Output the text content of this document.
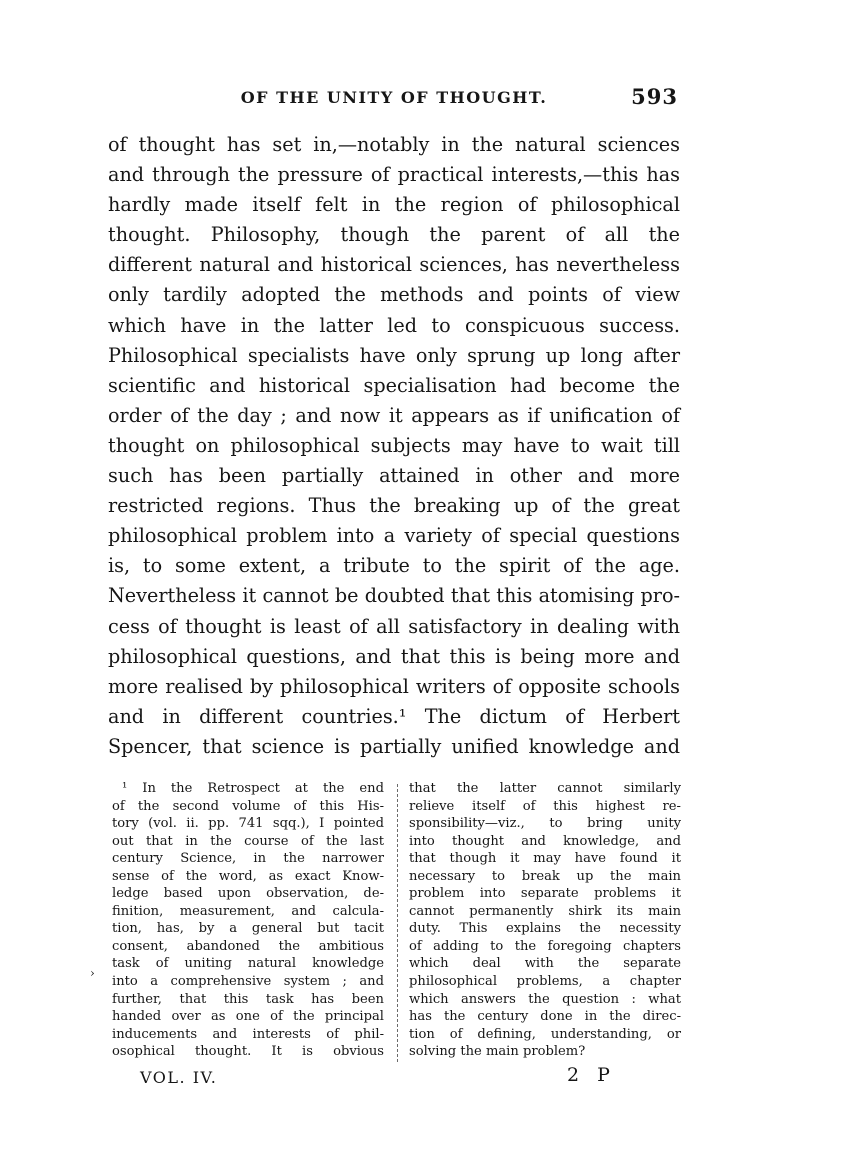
OF THE UNITY OF THOUGHT.	593
of thought has set in,—notably in the natural sciences
and through the pressure of practical interests,—this has
hardly made itself felt in the region of philosophical
thought. Philosophy, though the parent of all the
different natural and historical sciences, has nevertheless
only tardily adopted the methods and points of view
which have in the latter led to conspicuous success.
Philosophical specialists have only sprung up long after
scientific and historical specialisation had become the
order of the day ; and now it appears as if unification of
thought on philosophical subjects may have to wait till
such has been partially attained in other and more
restricted regions. Thus the breaking up of the great
philosophical problem into a variety of special questions
is, to some extent, a tribute to the spirit of the age.
Nevertheless it cannot be doubted that this atomising pro-
cess of thought is least of all satisfactory in dealing with
philosophical questions, and that this is being more and
more realised by philosophical writers of opposite schools
and in different countries.¹ The dictum of Herbert
Spencer, that science is partially unified knowledge and
›
¹ In the Retrospect at the end
of the second volume of this His-
tory (vol. ii. pp. 741 sqq.), I pointed
out that in the course of the last
century Science, in the narrower
sense of the word, as exact Know-
ledge based upon observation, de-
finition, measurement, and calcula-
tion, has, by a general but tacit
consent, abandoned the ambitious
task of uniting natural knowledge
into a comprehensive system ; and
further, that this task has been
handed over as one of the principal
inducements and interests of phil-
osophical thought. It is obvious
that the latter cannot similarly
relieve itself of this highest re-
sponsibility—viz., to bring unity
into thought and knowledge, and
that though it may have found it
necessary to break up the main
problem into separate problems it
cannot permanently shirk its main
duty. This explains the necessity
of adding to the foregoing chapters
which deal with the separate
philosophical problems, a chapter
which answers the question : what
has the century done in the direc-
tion of defining, understanding, or
solving the main problem?
VOL. IV.	2 P
